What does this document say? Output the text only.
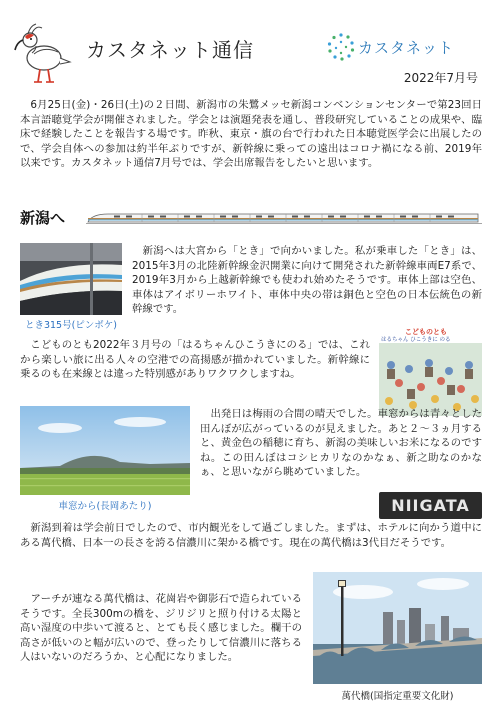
カスタネット通信	カスタネット
2022年7月号

6月25日(金)・26日(土)の２日間、新潟市の朱鷺メッセ新潟コンベンションセンターで第23回日本言語聴覚学会が開催されました。学会とは演題発表を通し、普段研究していることの成果や、臨床で経験したことを報告する場です。昨秋、東京・旗の台で行われた日本聴覚医学会に出展したので、学会自体への参加は約半年ぶりですが、新幹線に乗っての遠出はコロナ禍になる前、2019年以来です。カスタネット通信7月号では、学会出席報告をしたいと思います。

新潟へ
とき315号(ピンボケ)

新潟へは大宮から「とき」で向かいました。私が乗車した「とき」は、2015年3月の北陸新幹線金沢開業に向けて開発された新幹線車両E7系で、2019年3月から上越新幹線でも使われ始めたそうです。車体上部は空色、車体はアイボリーホワイト、車体中央の帯は銅色と空色の日本伝統色の新幹線です。

こどものとも
はるちゃん ひこうきに のる

こどものとも2022年３月号の「はるちゃんひこうきにのる」では、これから楽しい旅に出る人々の空港での高揚感が描かれていました。新幹線に乗るのも在来線とは違った特別感がありワクワクしますね。

車窓から(長岡あたり)

出発日は梅雨の合間の晴天でした。車窓からは青々とした田んぼが広がっているのが見えました。あと２～３ヵ月すると、黄金色の稲穂に育ち、新潟の美味しいお米になるのですね。この田んぼはコシヒカリなのかなぁ、新之助なのかなぁ、と思いながら眺めていました。

NIIGATA

新潟到着は学会前日でしたので、市内観光をして過ごしました。まずは、ホテルに向かう道中にある萬代橋、日本一の長さを誇る信濃川に架かる橋です。現在の萬代橋は3代目だそうです。

アーチが連なる萬代橋は、花崗岩や御影石で造られているそうです。全長300mの橋を、ジリジリと照り付ける太陽と高い湿度の中歩いて渡ると、とても長く感じました。欄干の高さが低いのと幅が広いので、登ったりして信濃川に落ちる人はいないのだろうか、と心配になりました。

萬代橋(国指定重要文化財)
